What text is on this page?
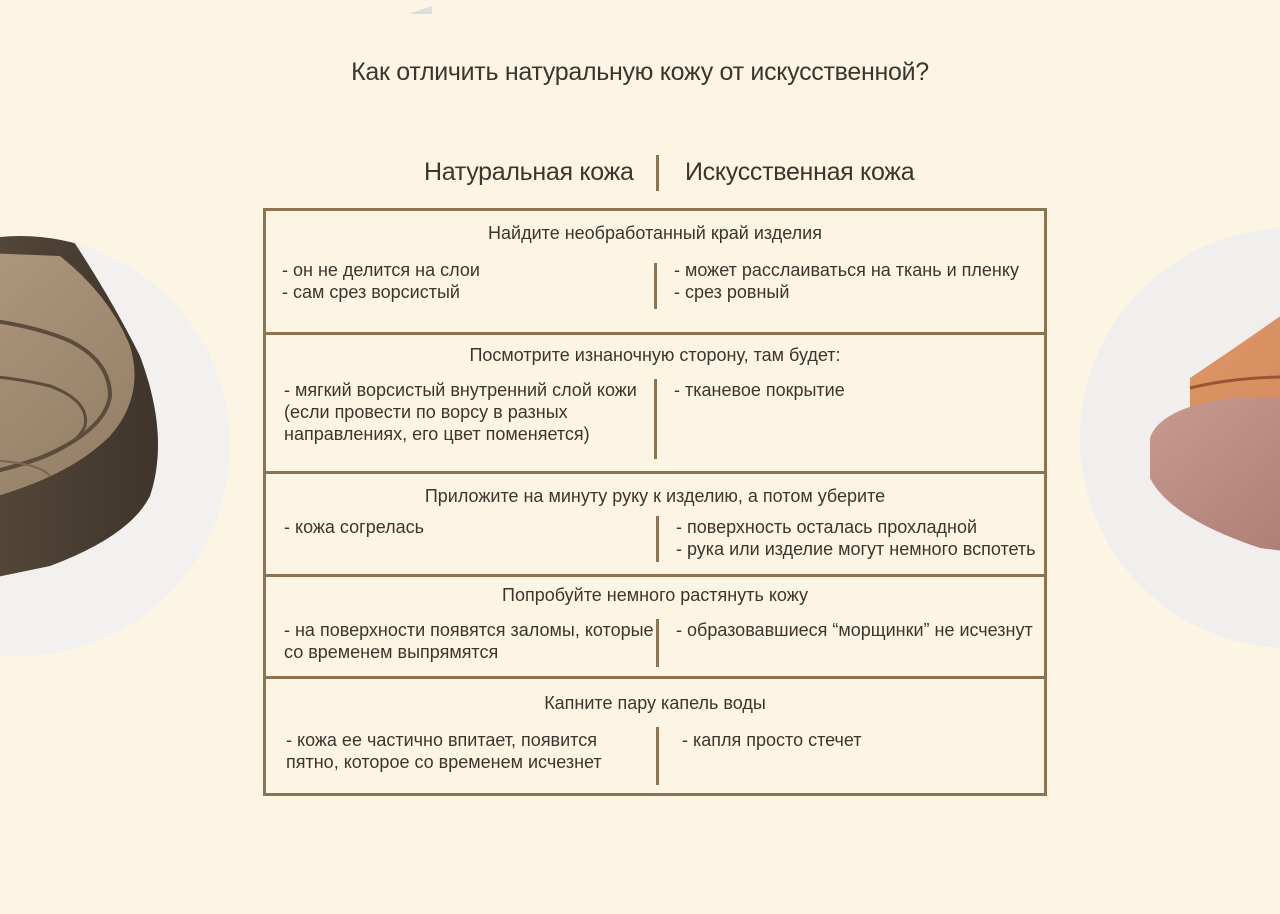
Как отличить натуральную кожу от искусственной?
Натуральная кожа Искусственная кожа
Найдите необработанный край изделия
- он не делится на слои
- сам срез ворсистый
- может расслаиваться на ткань и пленку
- срез ровный
Посмотрите изнаночную сторону, там будет:
- мягкий ворсистый внутренний слой кожи
(если провести по ворсу в разных
направлениях, его цвет поменяется)
- тканевое покрытие
Приложите на минуту руку к изделию, а потом уберите
- кожа согрелась	- поверхность осталась прохладной
- рука или изделие могут немного вспотеть
Попробуйте немного растянуть кожу
- на поверхности появятся заломы, которые
со временем выпрямятся
- образовавшиеся “морщинки” не исчезнут
Капните пару капель воды
- кожа ее частично впитает, появится
пятно, которое со временем исчезнет
- капля просто стечет
